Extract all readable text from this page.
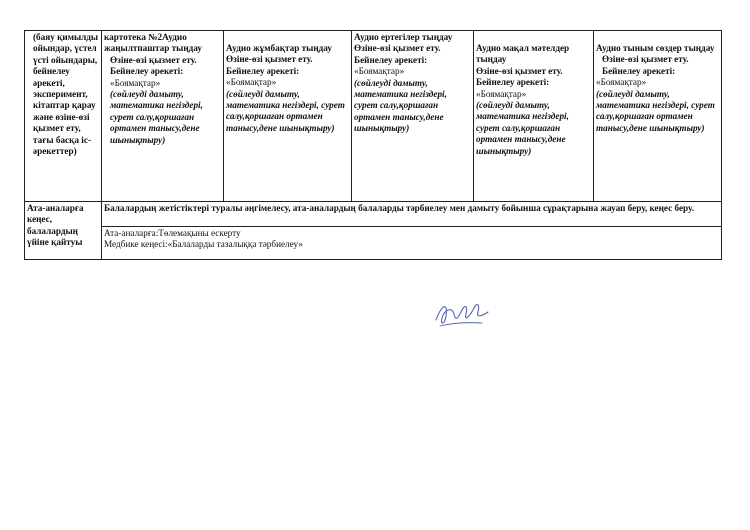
(баяу қимылды ойындар, үстел үсті ойындары, бейнелеу әрекеті, эксперимент, кітаптар қарау және өзіне-өзі қызмет ету, тағы басқа іс-әрекеттер)	картотека №2Аудио жаңылтпаштар тыңдау
Өзіне-өзі қызмет ету.
Бейнелеу әрекеті:
«Боямақтар»
(сөйлеуді дамыту, математика негіздері, сурет салу,қоршаған ортамен танысу,дене шынықтыру)	Аудио жұмбақтар тыңдау
Өзіне-өзі қызмет ету.
Бейнелеу әрекеті:
«Боямақтар»
(сөйлеуді дамыту, математика негіздері, сурет салу,қоршаған ортамен танысу,дене шынықтыру)	Аудио ертегілер тыңдау
Өзіне-өзі қызмет ету.
Бейнелеу әрекеті:
«Боямақтар»
(сөйлеуді дамыту, математика негіздері, сурет салу,қоршаған ортамен танысу,дене шынықтыру)	Аудио мақал мәтелдер тыңдау
Өзіне-өзі қызмет ету.
Бейнелеу әрекеті:
«Боямақтар»
(сөйлеуді дамыту, математика негіздері, сурет салу,қоршаған ортамен танысу,дене шынықтыру)	Аудио тыным сөздер тыңдау
Өзіне-өзі қызмет ету.
Бейнелеу әрекеті:
«Боямақтар»
(сөйлеуді дамыту, математика негіздері, сурет салу,қоршаған ортамен танысу,дене шынықтыру)

Ата-аналарға кеңес, балалардың үйіне қайтуы	Балалардың жетістіктері туралы әңгімелесу, ата-аналардың балаларды тәрбиелеу мен дамыту бойынша сұрақтарына жауап беру, кеңес беру.				

	Ата-аналарға:Төлемақыны ескерту
Медбике кеңесі:«Балаларды тазалыққа тәрбиелеу»				
